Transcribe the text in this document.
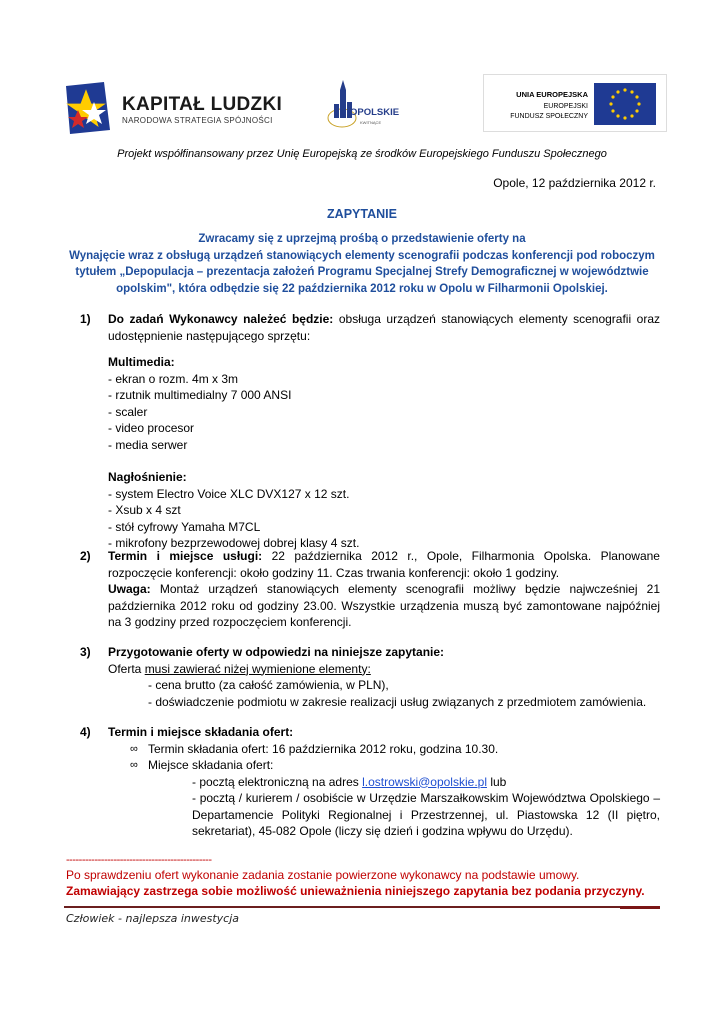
KAPITAŁ LUDZKI
NARODOWA STRATEGIA SPÓJNOŚCI
OPOLSKIE
KWITNĄCE
UNIA EUROPEJSKA
EUROPEJSKI
FUNDUSZ SPOŁECZNY
Projekt współfinansowany przez Unię Europejską ze środków Europejskiego Funduszu Społecznego
Opole, 12 października 2012 r.
ZAPYTANIE
Zwracamy się z uprzejmą prośbą o przedstawienie oferty na
Wynajęcie wraz z obsługą urządzeń stanowiących elementy scenografii podczas konferencji pod roboczym
tytułem „Depopulacja – prezentacja założeń Programu Specjalnej Strefy Demograficznej w województwie
opolskim", która odbędzie się 22 października 2012 roku w Opolu w Filharmonii Opolskiej.
1) Do zadań Wykonawcy należeć będzie: obsługa urządzeń stanowiących elementy scenografii oraz udostępnienie następującego sprzętu:
Multimedia:
- ekran o rozm. 4m x 3m
- rzutnik multimedialny 7 000 ANSI
- scaler
- video procesor
- media serwer
Nagłośnienie:
- system Electro Voice XLC DVX127 x 12 szt.
- Xsub x 4 szt
- stół cyfrowy Yamaha M7CL
- mikrofony bezprzewodowej dobrej klasy 4 szt.
2) Termin i miejsce usługi: 22 października 2012 r., Opole, Filharmonia Opolska. Planowane rozpoczęcie konferencji: około godziny 11. Czas trwania konferencji: około 1 godziny.
Uwaga: Montaż urządzeń stanowiących elementy scenografii możliwy będzie najwcześniej 21 października 2012 roku od godziny 23.00. Wszystkie urządzenia muszą być zamontowane najpóźniej na 3 godziny przed rozpoczęciem konferencji.
3) Przygotowanie oferty w odpowiedzi na niniejsze zapytanie:
Oferta musi zawierać niżej wymienione elementy:
- cena brutto (za całość zamówienia, w PLN),
- doświadczenie podmiotu w zakresie realizacji usług związanych z przedmiotem zamówienia.
4) Termin i miejsce składania ofert:
∞ Termin składania ofert: 16 października 2012 roku, godzina 10.30.
∞ Miejsce składania ofert:
- pocztą elektroniczną na adres l.ostrowski@opolskie.pl lub
- pocztą / kurierem / osobiście w Urzędzie Marszałkowskim Województwa Opolskiego – Departamencie Polityki Regionalnej i Przestrzennej, ul. Piastowska 12 (II piętro, sekretariat), 45-082 Opole (liczy się dzień i godzina wpływu do Urzędu).
----------------------------------------------
Po sprawdzeniu ofert wykonanie zadania zostanie powierzone wykonawcy na podstawie umowy.
Zamawiający zastrzega sobie możliwość unieważnienia niniejszego zapytania bez podania przyczyny.
Człowiek - najlepsza inwestycja
